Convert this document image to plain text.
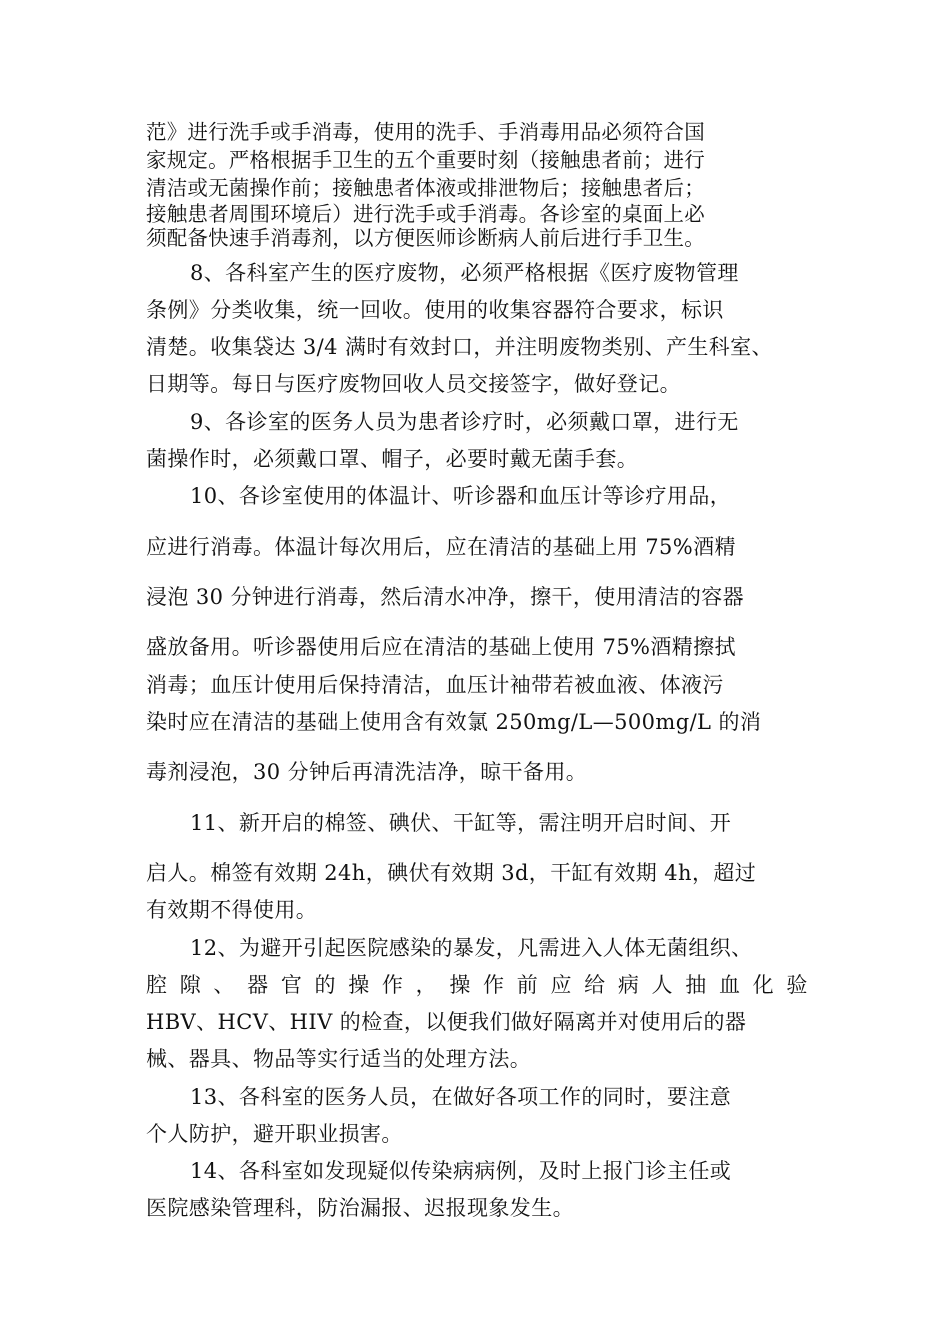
范》进行洗手或手消毒，使用的洗手、手消毒用品必须符合国
家规定。严格根据手卫生的五个重要时刻（接触患者前；进行
清洁或无菌操作前；接触患者体液或排泄物后；接触患者后；
接触患者周围环境后）进行洗手或手消毒。各诊室的桌面上必
须配备快速手消毒剂，以方便医师诊断病人前后进行手卫生。
8、各科室产生的医疗废物，必须严格根据《医疗废物管理
条例》分类收集，统一回收。使用的收集容器符合要求，标识
清楚。收集袋达 3/4 满时有效封口，并注明废物类别、产生科室、
日期等。每日与医疗废物回收人员交接签字，做好登记。
9、各诊室的医务人员为患者诊疗时，必须戴口罩，进行无
菌操作时，必须戴口罩、帽子，必要时戴无菌手套。
10、各诊室使用的体温计、听诊器和血压计等诊疗用品，
应进行消毒。体温计每次用后，应在清洁的基础上用 75%酒精
浸泡 30 分钟进行消毒，然后清水冲净，擦干，使用清洁的容器
盛放备用。听诊器使用后应在清洁的基础上使用 75%酒精擦拭
消毒；血压计使用后保持清洁，血压计袖带若被血液、体液污
染时应在清洁的基础上使用含有效氯 250mg/L—500mg/L 的消
毒剂浸泡，30 分钟后再清洗洁净，晾干备用。
11、新开启的棉签、碘伏、干缸等，需注明开启时间、开
启人。棉签有效期 24h，碘伏有效期 3d，干缸有效期 4h，超过
有效期不得使用。
12、为避开引起医院感染的暴发，凡需进入人体无菌组织、
腔 隙 、 器 官 的 操 作 ， 操 作 前 应 给 病 人 抽 血 化 验
HBV、HCV、HIV 的检查，以便我们做好隔离并对使用后的器
械、器具、物品等实行适当的处理方法。
13、各科室的医务人员，在做好各项工作的同时，要注意
个人防护，避开职业损害。
14、各科室如发现疑似传染病病例，及时上报门诊主任或
医院感染管理科，防治漏报、迟报现象发生。
